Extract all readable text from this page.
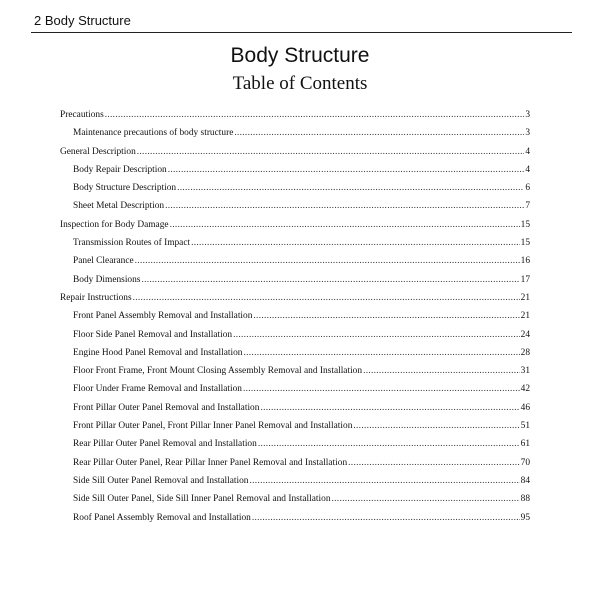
2 Body Structure
Body Structure
Table of Contents
Precautions .....	3
Maintenance precautions of body structure .....	3
General Description .....	4
Body Repair Description .....	4
Body Structure Description .....	6
Sheet Metal Description .....	7
Inspection for Body Damage .....	15
Transmission Routes of Impact .....	15
Panel Clearance .....	16
Body Dimensions .....	17
Repair Instructions .....	21
Front Panel Assembly Removal and Installation .....	21
Floor Side Panel Removal and Installation .....	24
Engine Hood Panel Removal and Installation .....	28
Floor Front Frame, Front Mount Closing Assembly Removal and Installation .....	31
Floor Under Frame Removal and Installation .....	42
Front Pillar Outer Panel Removal and Installation .....	46
Front Pillar Outer Panel, Front Pillar Inner Panel Removal and Installation .....	51
Rear Pillar Outer Panel Removal and Installation .....	61
Rear Pillar Outer Panel, Rear Pillar Inner Panel Removal and Installation .....	70
Side Sill Outer Panel Removal and Installation .....	84
Side Sill Outer Panel, Side Sill Inner Panel Removal and Installation .....	88
Roof Panel Assembly Removal and Installation .....	95
